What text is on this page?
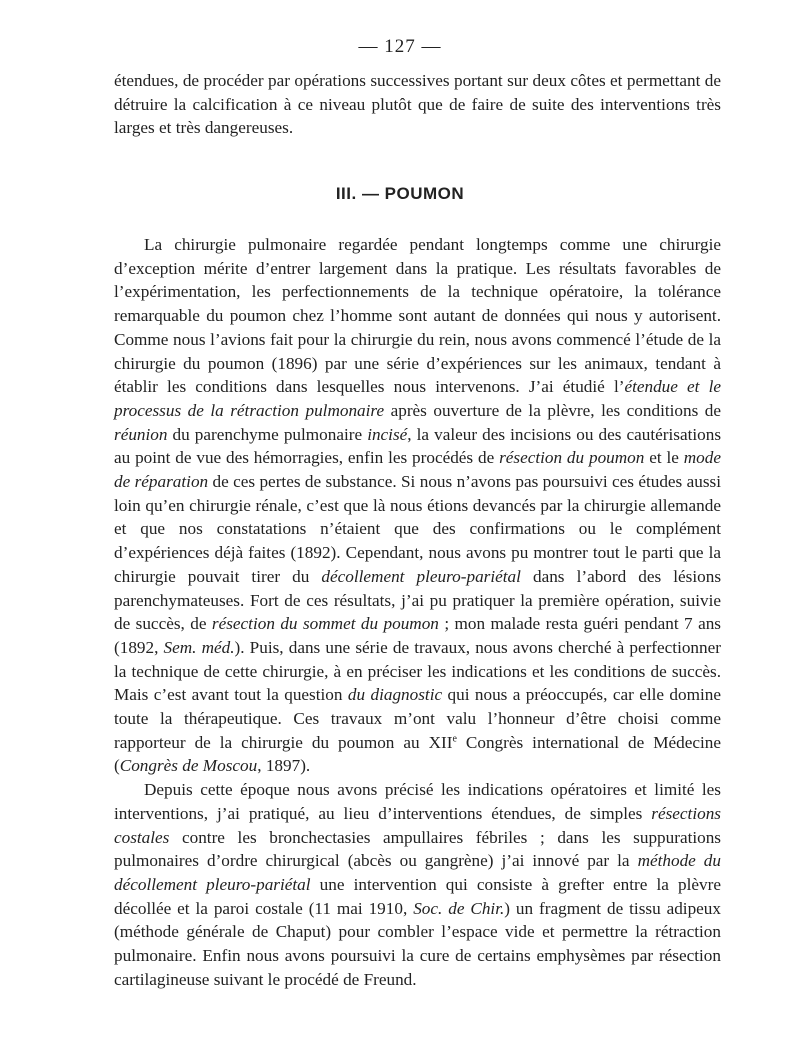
— 127 —

étendues, de procéder par opérations successives portant sur deux côtes et permettant de détruire la calcification à ce niveau plutôt que de faire de suite des interventions très larges et très dangereuses.

III. — POUMON

La chirurgie pulmonaire regardée pendant longtemps comme une chirurgie d’exception mérite d’entrer largement dans la pratique. Les résultats favorables de l’expérimentation, les perfectionnements de la technique opératoire, la tolérance remarquable du poumon chez l’homme sont autant de données qui nous y autorisent. Comme nous l’avions fait pour la chirurgie du rein, nous avons commencé l’étude de la chirurgie du poumon (1896) par une série d’expériences sur les animaux, tendant à établir les conditions dans lesquelles nous intervenons. J’ai étudié l’étendue et le processus de la rétraction pulmonaire après ouverture de la plèvre, les conditions de réunion du parenchyme pulmonaire incisé, la valeur des incisions ou des cautérisations au point de vue des hémorragies, enfin les procédés de résection du poumon et le mode de réparation de ces pertes de substance. Si nous n’avons pas poursuivi ces études aussi loin qu’en chirurgie rénale, c’est que là nous étions devancés par la chirurgie allemande et que nos constatations n’étaient que des confirmations ou le complément d’expériences déjà faites (1892). Cependant, nous avons pu montrer tout le parti que la chirurgie pouvait tirer du décollement pleuro-pariétal dans l’abord des lésions parenchymateuses. Fort de ces résultats, j’ai pu pratiquer la première opération, suivie de succès, de résection du sommet du poumon ; mon malade resta guéri pendant 7 ans (1892, Sem. méd.). Puis, dans une série de travaux, nous avons cherché à perfectionner la technique de cette chirurgie, à en préciser les indications et les conditions de succès. Mais c’est avant tout la question du diagnostic qui nous a préoccupés, car elle domine toute la thérapeutique. Ces travaux m’ont valu l’honneur d’être choisi comme rapporteur de la chirurgie du poumon au XIIe Congrès international de Médecine (Congrès de Moscou, 1897).

Depuis cette époque nous avons précisé les indications opératoires et limité les interventions, j’ai pratiqué, au lieu d’interventions étendues, de simples résections costales contre les bronchectasies ampullaires fébriles ; dans les suppurations pulmonaires d’ordre chirurgical (abcès ou gangrène) j’ai innové par la méthode du décollement pleuro-pariétal une intervention qui consiste à grefter entre la plèvre décollée et la paroi costale (11 mai 1910, Soc. de Chir.) un fragment de tissu adipeux (méthode générale de Chaput) pour combler l’espace vide et permettre la rétraction pulmonaire. Enfin nous avons poursuivi la cure de certains emphysèmes par résection cartilagineuse suivant le procédé de Freund.
